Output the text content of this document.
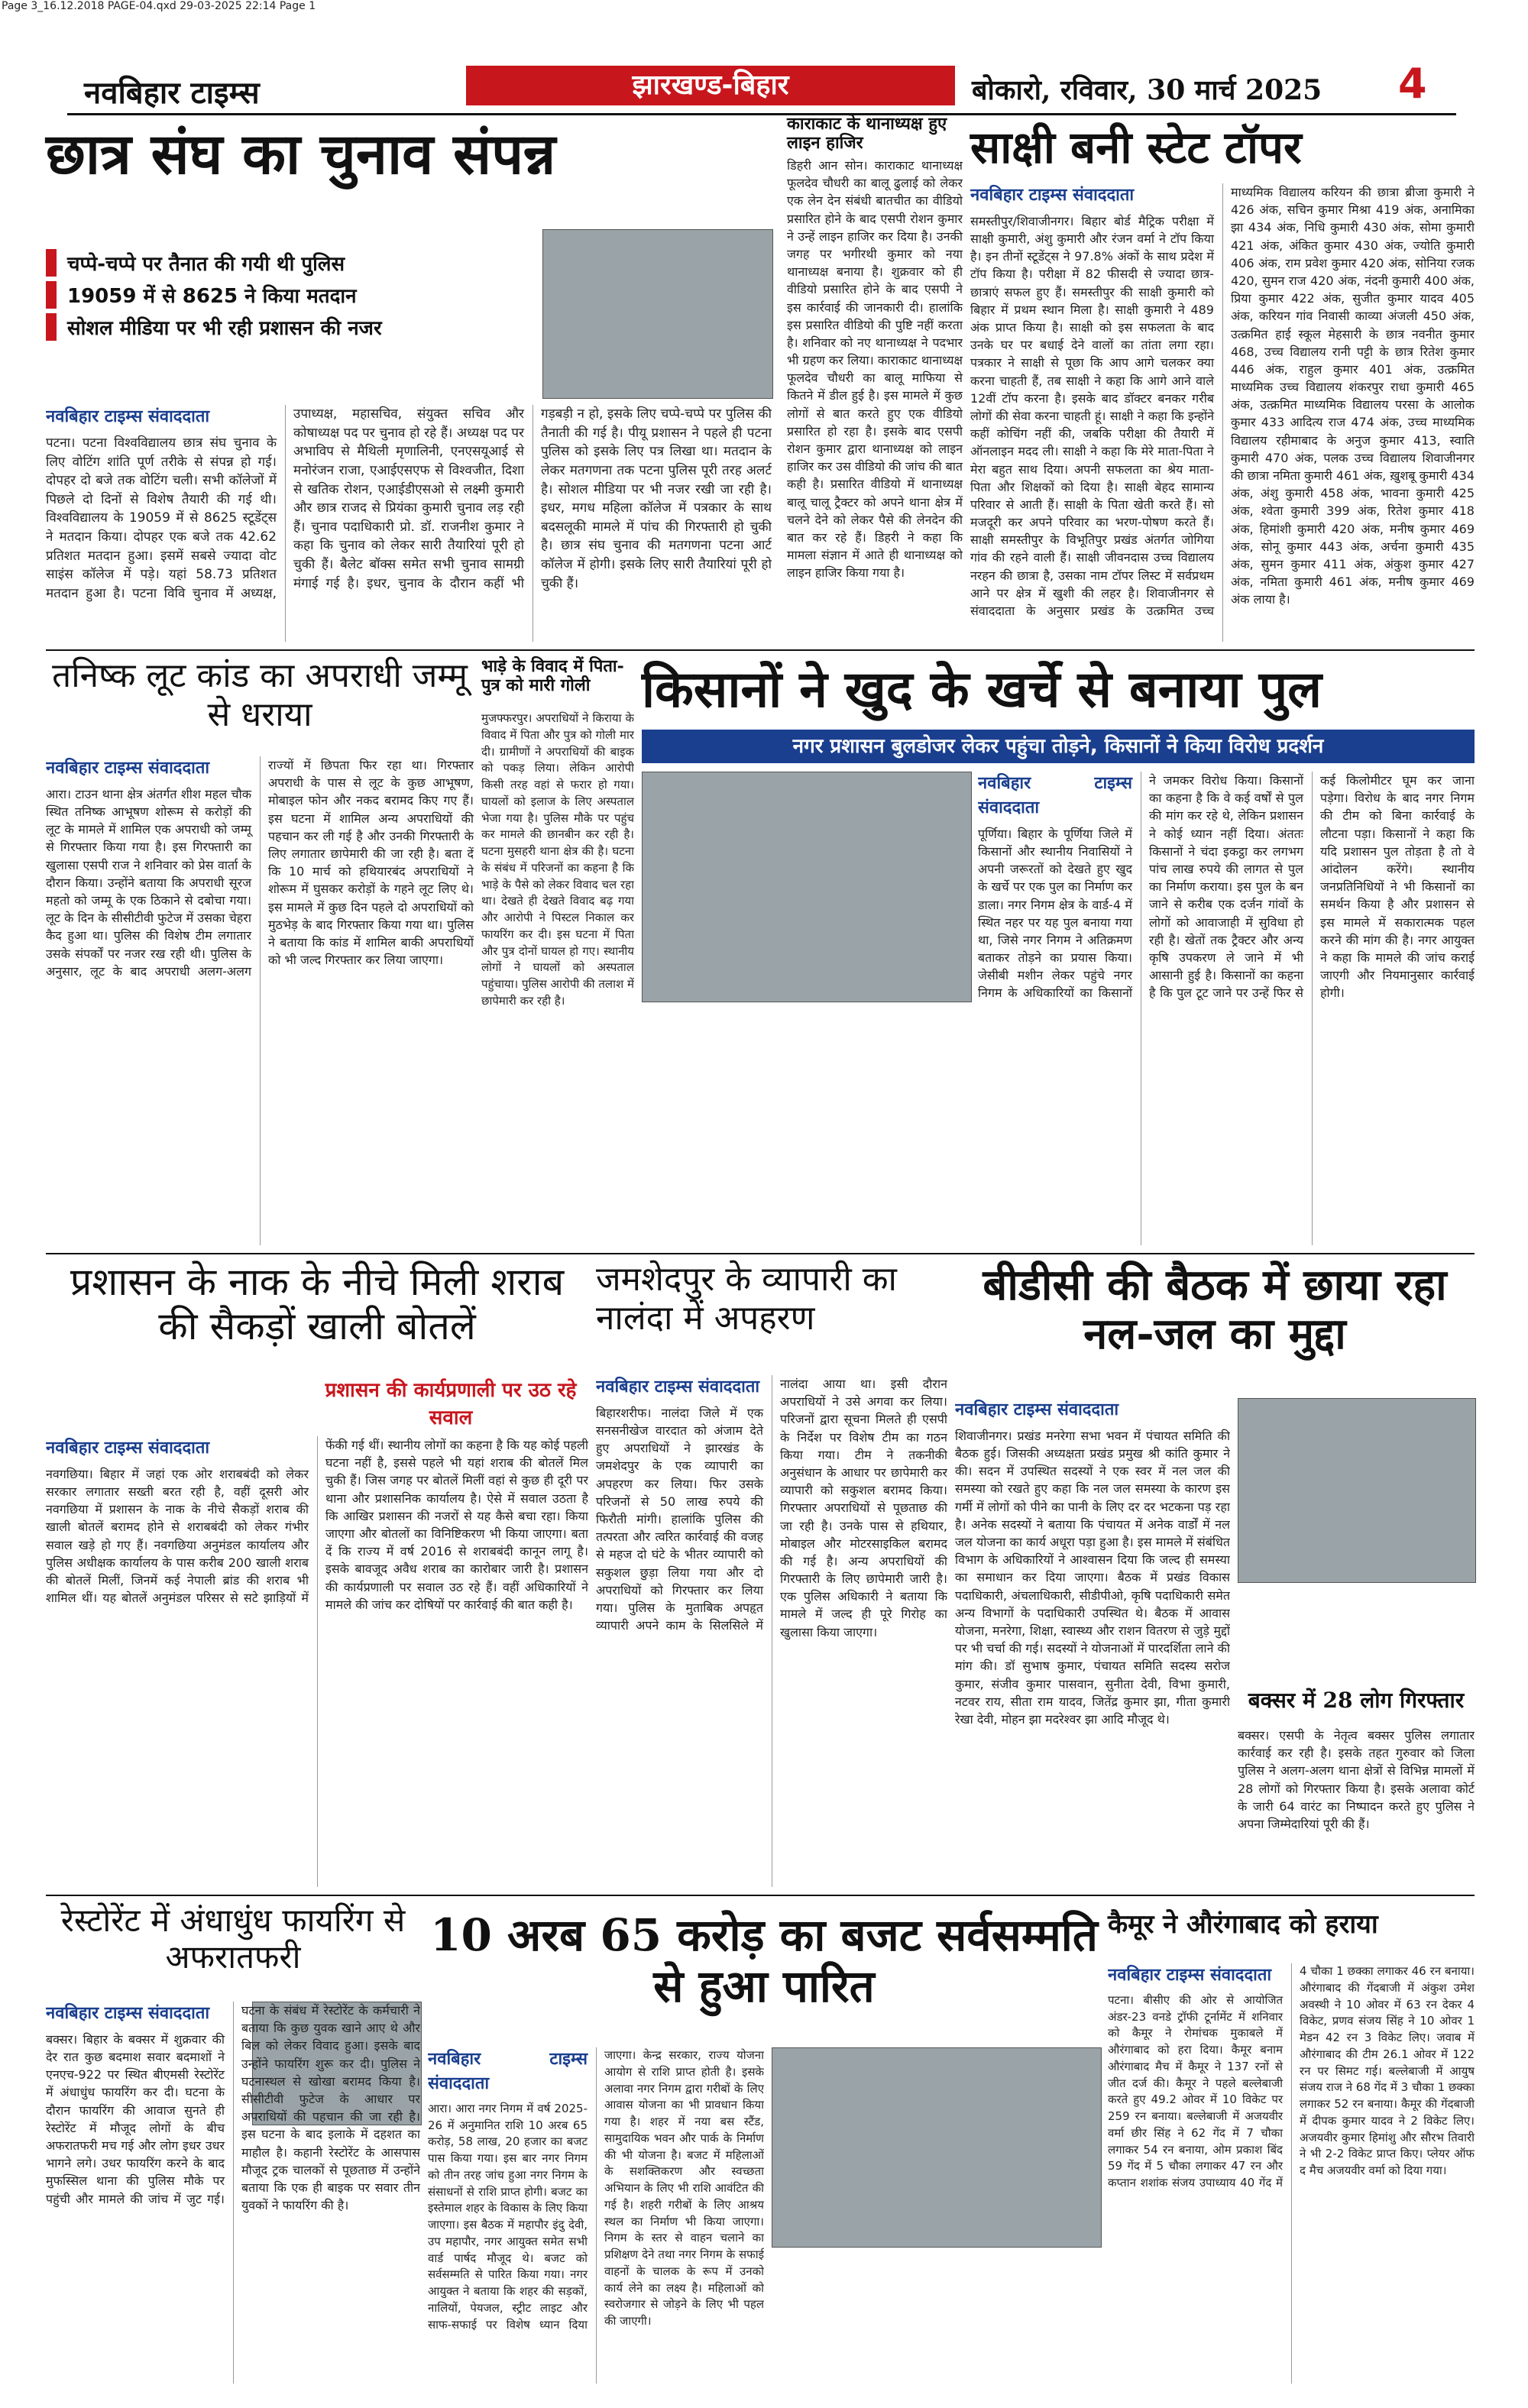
Page 3_16.12.2018 PAGE-04.qxd 29-03-2025 22:14 Page 1
नवबिहार टाइम्स	झारखण्ड-बिहार	बोकारो, रविवार, 30 मार्च 2025 4
छात्र संघ का चुनाव संपन्न
चप्पे-चप्पे पर तैनात की गयी थी पुलिस
19059 में से 8625 ने किया मतदान
सोशल मीडिया पर भी रही प्रशासन की नजर
नवबिहार टाइम्स संवाददाता
पटना। पटना विश्वविद्यालय छात्र संघ चुनाव के लिए वोटिंग शांति पूर्ण तरीके से संपन्न हो गई। दोपहर दो बजे तक वोटिंग चली। सभी कॉलेजों में पिछले दो दिनों से विशेष तैयारी की गई थी। विश्वविद्यालय के 19059 में से 8625 स्टूडेंट्स ने मतदान किया। दोपहर एक बजे तक 42.62 प्रतिशत मतदान हुआ। इसमें सबसे ज्यादा वोट साइंस कॉलेज में पड़े। यहां 58.73 प्रतिशत मतदान हुआ है। पटना विवि चुनाव में अध्यक्ष, उपाध्यक्ष, महासचिव, संयुक्त सचिव और कोषाध्यक्ष पद पर चुनाव हो रहे हैं। अध्यक्ष पद पर अभाविप से मैथिली मृणालिनी, एनएसयूआई से मनोरंजन राजा, एआईएसएफ से विश्वजीत, दिशा से खतिक रोशन, एआईडीएसओ से लक्ष्मी कुमारी और छात्र राजद से प्रियंका कुमारी चुनाव लड़ रही हैं। चुनाव पदाधिकारी प्रो. डॉ. राजनीश कुमार ने कहा कि चुनाव को लेकर सारी तैयारियां पूरी हो चुकी हैं। बैलेट बॉक्स समेत सभी चुनाव सामग्री मंगाई गई है। इधर, चुनाव के दौरान कहीं भी गड़बड़ी न हो, इसके लिए चप्पे-चप्पे पर पुलिस की तैनाती की गई है। पीयू प्रशासन ने पहले ही पटना पुलिस को इसके लिए पत्र लिखा था। मतदान के लेकर मतगणना तक पटना पुलिस पूरी तरह अलर्ट है। सोशल मीडिया पर भी नजर रखी जा रही है। इधर, मगध महिला कॉलेज में पत्रकार के साथ बदसलूकी मामले में पांच की गिरफ्तारी हो चुकी है। छात्र संघ चुनाव की मतगणना पटना आर्ट कॉलेज में होगी। इसके लिए सारी तैयारियां पूरी हो चुकी हैं।
काराकाट के थानाध्यक्ष हुए लाइन हाजिर
डिहरी आन सोन। काराकाट थानाध्यक्ष फूलदेव चौधरी का बालू ढुलाई को लेकर एक लेन देन संबंधी बातचीत का वीडियो प्रसारित होने के बाद एसपी रोशन कुमार ने उन्हें लाइन हाजिर कर दिया है। उनकी जगह पर भगीरथी कुमार को नया थानाध्यक्ष बनाया है। शुक्रवार को ही वीडियो प्रसारित होने के बाद एसपी ने इस कार्रवाई की जानकारी दी। हालांकि इस प्रसारित वीडियो की पुष्टि नहीं करता है। शनिवार को नए थानाध्यक्ष ने पदभार भी ग्रहण कर लिया। काराकाट थानाध्यक्ष फूलदेव चौधरी का बालू माफिया से कितने में डील हुई है। इस मामले में कुछ लोगों से बात करते हुए एक वीडियो प्रसारित हो रहा है। इसके बाद एसपी रोशन कुमार द्वारा थानाध्यक्ष को लाइन हाजिर कर उस वीडियो की जांच की बात कही है। प्रसारित वीडियो में थानाध्यक्ष बालू चालू ट्रैक्टर को अपने थाना क्षेत्र में चलने देने को लेकर पैसे की लेनदेन की बात कर रहे हैं। डिहरी ने कहा कि मामला संज्ञान में आते ही थानाध्यक्ष को लाइन हाजिर किया गया है।
साक्षी बनी स्टेट टॉपर
नवबिहार टाइम्स संवाददाता
समस्तीपुर/शिवाजीनगर। बिहार बोर्ड मैट्रिक परीक्षा में साक्षी कुमारी, अंशु कुमारी और रंजन वर्मा ने टॉप किया है। इन तीनों स्टूडेंट्स ने 97.8% अंकों के साथ प्रदेश में टॉप किया है। परीक्षा में 82 फीसदी से ज्यादा छात्र-छात्राएं सफल हुए हैं। समस्तीपुर की साक्षी कुमारी को बिहार में प्रथम स्थान मिला है। साक्षी कुमारी ने 489 अंक प्राप्त किया है। साक्षी को इस सफलता के बाद उनके घर पर बधाई देने वालों का तांता लगा रहा। पत्रकार ने साक्षी से पूछा कि आप आगे चलकर क्या करना चाहती हैं, तब साक्षी ने कहा कि आगे आने वाले 12वीं टॉप करना है। इसके बाद डॉक्टर बनकर गरीब लोगों की सेवा करना चाहती हूं। साक्षी ने कहा कि इन्होंने कहीं कोचिंग नहीं की, जबकि परीक्षा की तैयारी में ऑनलाइन मदद ली। साक्षी ने कहा कि मेरे माता-पिता ने मेरा बहुत साथ दिया। अपनी सफलता का श्रेय माता-पिता और शिक्षकों को दिया है। साक्षी बेहद सामान्य परिवार से आती हैं। साक्षी के पिता खेती करते हैं। सो मजदूरी कर अपने परिवार का भरण-पोषण करते हैं। साक्षी समस्तीपुर के विभूतिपुर प्रखंड अंतर्गत जोगिया गांव की रहने वाली हैं। साक्षी जीवनदास उच्च विद्यालय नरहन की छात्रा है, उसका नाम टॉपर लिस्ट में सर्वप्रथम आने पर क्षेत्र में खुशी की लहर है। शिवाजीनगर से संवाददाता के अनुसार प्रखंड के उत्क्रमित उच्च माध्यमिक विद्यालय करियन की छात्रा ब्रीजा कुमारी ने 426 अंक, सचिन कुमार मिश्रा 419 अंक, अनामिका झा 434 अंक, निधि कुमारी 430 अंक, सोमा कुमारी 421 अंक, अंकित कुमार 430 अंक, ज्योति कुमारी 406 अंक, राम प्रवेश कुमार 420 अंक, सोनिया रजक 420, सुमन राज 420 अंक, नंदनी कुमारी 400 अंक, प्रिया कुमार 422 अंक, सुजीत कुमार यादव 405 अंक, करियन गांव निवासी काव्या अंजली 450 अंक, उत्क्रमित हाई स्कूल मेहसारी के छात्र नवनीत कुमार 468, उच्च विद्यालय रानी पट्टी के छात्र रितेश कुमार 446 अंक, राहुल कुमार 401 अंक, उत्क्रमित माध्यमिक उच्च विद्यालय शंकरपुर राधा कुमारी 465 अंक, उत्क्रमित माध्यमिक विद्यालय परसा के आलोक कुमार 433 आदित्य राज 474 अंक, उच्च माध्यमिक विद्यालय रहीमाबाद के अनुज कुमार 413, स्वाति कुमारी 470 अंक, पलक उच्च विद्यालय शिवाजीनगर की छात्रा नमिता कुमारी 461 अंक, ख़ुशबू कुमारी 434 अंक, अंशु कुमारी 458 अंक, भावना कुमारी 425 अंक, श्वेता कुमारी 399 अंक, रितेश कुमार 418 अंक, हिमांशी कुमारी 420 अंक, मनीष कुमार 469 अंक, सोनू कुमार 443 अंक, अर्चना कुमारी 435 अंक, सुमन कुमार 411 अंक, अंकुश कुमार 427 अंक, नमिता कुमारी 461 अंक, मनीष कुमार 469 अंक लाया है।
तनिष्क लूट कांड का अपराधी जम्मू से धराया
नवबिहार टाइम्स संवाददाता
आरा। टाउन थाना क्षेत्र अंतर्गत शीश महल चौक स्थित तनिष्क आभूषण शोरूम से करोड़ों की लूट के मामले में शामिल एक अपराधी को जम्मू से गिरफ्तार किया गया है। इस गिरफ्तारी का खुलासा एसपी राज ने शनिवार को प्रेस वार्ता के दौरान किया। उन्होंने बताया कि अपराधी सूरज महतो को जम्मू के एक ठिकाने से दबोचा गया। लूट के दिन के सीसीटीवी फुटेज में उसका चेहरा कैद हुआ था। पुलिस की विशेष टीम लगातार उसके संपर्कों पर नजर रख रही थी। पुलिस के अनुसार, लूट के बाद अपराधी अलग-अलग राज्यों में छिपता फिर रहा था। गिरफ्तार अपराधी के पास से लूट के कुछ आभूषण, मोबाइल फोन और नकद बरामद किए गए हैं। इस घटना में शामिल अन्य अपराधियों की पहचान कर ली गई है और उनकी गिरफ्तारी के लिए लगातार छापेमारी की जा रही है। बता दें कि 10 मार्च को हथियारबंद अपराधियों ने शोरूम में घुसकर करोड़ों के गहने लूट लिए थे। इस मामले में कुछ दिन पहले दो अपराधियों को मुठभेड़ के बाद गिरफ्तार किया गया था। पुलिस ने बताया कि कांड में शामिल बाकी अपराधियों को भी जल्द गिरफ्तार कर लिया जाएगा।
भाड़े के विवाद में पिता-पुत्र को मारी गोली
मुजफ्फरपुर। अपराधियों ने किराया के विवाद में पिता और पुत्र को गोली मार दी। ग्रामीणों ने अपराधियों की बाइक को पकड़ लिया। लेकिन आरोपी किसी तरह वहां से फरार हो गया। घायलों को इलाज के लिए अस्पताल भेजा गया है। पुलिस मौके पर पहुंच कर मामले की छानबीन कर रही है। घटना मुसहरी थाना क्षेत्र की है। घटना के संबंध में परिजनों का कहना है कि भाड़े के पैसे को लेकर विवाद चल रहा था। देखते ही देखते विवाद बढ़ गया और आरोपी ने पिस्टल निकाल कर फायरिंग कर दी। इस घटना में पिता और पुत्र दोनों घायल हो गए। स्थानीय लोगों ने घायलों को अस्पताल पहुंचाया। पुलिस आरोपी की तलाश में छापेमारी कर रही है।
किसानों ने खुद के खर्चे से बनाया पुल
नगर प्रशासन बुलडोजर लेकर पहुंचा तोड़ने, किसानों ने किया विरोध प्रदर्शन
नवबिहार टाइम्स संवाददाता
पूर्णिया। बिहार के पूर्णिया जिले में किसानों और स्थानीय निवासियों ने अपनी जरूरतों को देखते हुए खुद के खर्चे पर एक पुल का निर्माण कर डाला। नगर निगम क्षेत्र के वार्ड-4 में स्थित नहर पर यह पुल बनाया गया था, जिसे नगर निगम ने अतिक्रमण बताकर तोड़ने का प्रयास किया। जेसीबी मशीन लेकर पहुंचे नगर निगम के अधिकारियों का किसानों ने जमकर विरोध किया। किसानों का कहना है कि वे कई वर्षों से पुल की मांग कर रहे थे, लेकिन प्रशासन ने कोई ध्यान नहीं दिया। अंततः किसानों ने चंदा इकट्ठा कर लगभग पांच लाख रुपये की लागत से पुल का निर्माण कराया। इस पुल के बन जाने से करीब एक दर्जन गांवों के लोगों को आवाजाही में सुविधा हो रही है। खेतों तक ट्रैक्टर और अन्य कृषि उपकरण ले जाने में भी आसानी हुई है। किसानों का कहना है कि पुल टूट जाने पर उन्हें फिर से कई किलोमीटर घूम कर जाना पड़ेगा। विरोध के बाद नगर निगम की टीम को बिना कार्रवाई के लौटना पड़ा। किसानों ने कहा कि यदि प्रशासन पुल तोड़ता है तो वे आंदोलन करेंगे। स्थानीय जनप्रतिनिधियों ने भी किसानों का समर्थन किया है और प्रशासन से इस मामले में सकारात्मक पहल करने की मांग की है। नगर आयुक्त ने कहा कि मामले की जांच कराई जाएगी और नियमानुसार कार्रवाई होगी।
प्रशासन के नाक के नीचे मिली शराब की सैकड़ों खाली बोतलें
प्रशासन की कार्यप्रणाली पर उठ रहे सवाल
नवबिहार टाइम्स संवाददाता
नवगछिया। बिहार में जहां एक ओर शराबबंदी को लेकर सरकार लगातार सख्ती बरत रही है, वहीं दूसरी ओर नवगछिया में प्रशासन के नाक के नीचे सैकड़ों शराब की खाली बोतलें बरामद होने से शराबबंदी को लेकर गंभीर सवाल खड़े हो गए हैं। नवगछिया अनुमंडल कार्यालय और पुलिस अधीक्षक कार्यालय के पास करीब 200 खाली शराब की बोतलें मिलीं, जिनमें कई नेपाली ब्रांड की शराब भी शामिल थीं। यह बोतलें अनुमंडल परिसर से सटे झाड़ियों में फेंकी गई थीं। स्थानीय लोगों का कहना है कि यह कोई पहली घटना नहीं है, इससे पहले भी यहां शराब की बोतलें मिल चुकी हैं। जिस जगह पर बोतलें मिलीं वहां से कुछ ही दूरी पर थाना और प्रशासनिक कार्यालय है। ऐसे में सवाल उठता है कि आखिर प्रशासन की नजरों से यह कैसे बचा रहा। किया जाएगा और बोतलों का विनिष्टिकरण भी किया जाएगा। बता दें कि राज्य में वर्ष 2016 से शराबबंदी कानून लागू है। इसके बावजूद अवैध शराब का कारोबार जारी है। प्रशासन की कार्यप्रणाली पर सवाल उठ रहे हैं। वहीं अधिकारियों ने मामले की जांच कर दोषियों पर कार्रवाई की बात कही है।
जमशेदपुर के व्यापारी का नालंदा में अपहरण
नवबिहार टाइम्स संवाददाता
बिहारशरीफ। नालंदा जिले में एक सनसनीखेज वारदात को अंजाम देते हुए अपराधियों ने झारखंड के जमशेदपुर के एक व्यापारी का अपहरण कर लिया। फिर उसके परिजनों से 50 लाख रुपये की फिरौती मांगी। हालांकि पुलिस की तत्परता और त्वरित कार्रवाई की वजह से महज दो घंटे के भीतर व्यापारी को सकुशल छुड़ा लिया गया और दो अपराधियों को गिरफ्तार कर लिया गया। पुलिस के मुताबिक अपहृत व्यापारी अपने काम के सिलसिले में नालंदा आया था। इसी दौरान अपराधियों ने उसे अगवा कर लिया। परिजनों द्वारा सूचना मिलते ही एसपी के निर्देश पर विशेष टीम का गठन किया गया। टीम ने तकनीकी अनुसंधान के आधार पर छापेमारी कर व्यापारी को सकुशल बरामद किया। गिरफ्तार अपराधियों से पूछताछ की जा रही है। उनके पास से हथियार, मोबाइल और मोटरसाइकिल बरामद की गई है। अन्य अपराधियों की गिरफ्तारी के लिए छापेमारी जारी है। एक पुलिस अधिकारी ने बताया कि मामले में जल्द ही पूरे गिरोह का खुलासा किया जाएगा।
बीडीसी की बैठक में छाया रहा नल-जल का मुद्दा
नवबिहार टाइम्स संवाददाता
शिवाजीनगर। प्रखंड मनरेगा सभा भवन में पंचायत समिति की बैठक हुई। जिसकी अध्यक्षता प्रखंड प्रमुख श्री कांति कुमार ने की। सदन में उपस्थित सदस्यों ने एक स्वर में नल जल की समस्या को रखते हुए कहा कि नल जल समस्या के कारण इस गर्मी में लोगों को पीने का पानी के लिए दर दर भटकना पड़ रहा है। अनेक सदस्यों ने बताया कि पंचायत में अनेक वार्डों में नल जल योजना का कार्य अधूरा पड़ा हुआ है। इस मामले में संबंधित विभाग के अधिकारियों ने आश्वासन दिया कि जल्द ही समस्या का समाधान कर दिया जाएगा। बैठक में प्रखंड विकास पदाधिकारी, अंचलाधिकारी, सीडीपीओ, कृषि पदाधिकारी समेत अन्य विभागों के पदाधिकारी उपस्थित थे। बैठक में आवास योजना, मनरेगा, शिक्षा, स्वास्थ्य और राशन वितरण से जुड़े मुद्दों पर भी चर्चा की गई। सदस्यों ने योजनाओं में पारदर्शिता लाने की मांग की। डॉ सुभाष कुमार, पंचायत समिति सदस्य सरोज कुमार, संजीव कुमार पासवान, सुनीता देवी, विभा कुमारी, नटवर राय, सीता राम यादव, जितेंद्र कुमार झा, गीता कुमारी रेखा देवी, मोहन झा मदरेश्वर झा आदि मौजूद थे।
बक्सर में 28 लोग गिरफ्तार
बक्सर। एसपी के नेतृत्व बक्सर पुलिस लगातार कार्रवाई कर रही है। इसके तहत गुरुवार को जिला पुलिस ने अलग-अलग थाना क्षेत्रों से विभिन्न मामलों में 28 लोगों को गिरफ्तार किया है। इसके अलावा कोर्ट के जारी 64 वारंट का निष्पादन करते हुए पुलिस ने अपना जिम्मेदारियां पूरी की हैं।
रेस्टोरेंट में अंधाधुंध फायरिंग से अफरातफरी
नवबिहार टाइम्स संवाददाता
बक्सर। बिहार के बक्सर में शुक्रवार की देर रात कुछ बदमाश सवार बदमाशों ने एनएच-922 पर स्थित बीएमसी रेस्टोरेंट में अंधाधुंध फायरिंग कर दी। घटना के दौरान फायरिंग की आवाज सुनते ही रेस्टोरेंट में मौजूद लोगों के बीच अफरातफरी मच गई और लोग इधर उधर भागने लगे। उधर फायरिंग करने के बाद मुफस्सिल थाना की पुलिस मौके पर पहुंची और मामले की जांच में जुट गई। घटना के संबंध में रेस्टोरेंट के कर्मचारी ने बताया कि कुछ युवक खाने आए थे और बिल को लेकर विवाद हुआ। इसके बाद उन्होंने फायरिंग शुरू कर दी। पुलिस ने घटनास्थल से खोखा बरामद किया है। सीसीटीवी फुटेज के आधार पर अपराधियों की पहचान की जा रही है। इस घटना के बाद इलाके में दहशत का माहौल है। कहानी रेस्टोरेंट के आसपास मौजूद ट्रक चालकों से पूछताछ में उन्होंने बताया कि एक ही बाइक पर सवार तीन युवकों ने फायरिंग की है।
10 अरब 65 करोड़ का बजट सर्वसम्मति से हुआ पारित
नवबिहार टाइम्स संवाददाता
आरा। आरा नगर निगम में वर्ष 2025-26 में अनुमानित राशि 10 अरब 65 करोड़, 58 लाख, 20 हजार का बजट पास किया गया। इस बार नगर निगम को तीन तरह जांच हुआ नगर निगम के संसाधनों से राशि प्राप्त होगी। बजट का इस्तेमाल शहर के विकास के लिए किया जाएगा। इस बैठक में महापौर इंदु देवी, उप महापौर, नगर आयुक्त समेत सभी वार्ड पार्षद मौजूद थे। बजट को सर्वसम्मति से पारित किया गया। नगर आयुक्त ने बताया कि शहर की सड़कों, नालियों, पेयजल, स्ट्रीट लाइट और साफ-सफाई पर विशेष ध्यान दिया जाएगा। केन्द्र सरकार, राज्य योजना आयोग से राशि प्राप्त होती है। इसके अलावा नगर निगम द्वारा गरीबों के लिए आवास योजना का भी प्रावधान किया गया है। शहर में नया बस स्टैंड, सामुदायिक भवन और पार्क के निर्माण की भी योजना है। बजट में महिलाओं के सशक्तिकरण और स्वच्छता अभियान के लिए भी राशि आवंटित की गई है। शहरी गरीबों के लिए आश्रय स्थल का निर्माण भी किया जाएगा। निगम के स्तर से वाहन चलाने का प्रशिक्षण देने तथा नगर निगम के सफाई वाहनों के चालक के रूप में उनको कार्य लेने का लक्ष्य है। महिलाओं को स्वरोजगार से जोड़ने के लिए भी पहल की जाएगी।
कैमूर ने औरंगाबाद को हराया
नवबिहार टाइम्स संवाददाता
पटना। बीसीए की ओर से आयोजित अंडर-23 वनडे ट्रॉफी टूर्नामेंट में शनिवार को कैमूर ने रोमांचक मुकाबले में औरंगाबाद को हरा दिया। कैमूर बनाम औरंगाबाद मैच में कैमूर ने 137 रनों से जीत दर्ज की। कैमूर ने पहले बल्लेबाजी करते हुए 49.2 ओवर में 10 विकेट पर 259 रन बनाया। बल्लेबाजी में अजयवीर वर्मा छीर सिंह ने 62 गेंद में 7 चौका लगाकर 54 रन बनाया, ओम प्रकाश बिंद 59 गेंद में 5 चौका लगाकर 47 रन और कप्तान शशांक संजय उपाध्याय 40 गेंद में 4 चौका 1 छक्का लगाकर 46 रन बनाया। औरंगाबाद की गेंदबाजी में अंकुश उमेश अवस्थी ने 10 ओवर में 63 रन देकर 4 विकेट, प्रणव संजय सिंह ने 10 ओवर 1 मेडन 42 रन 3 विकेट लिए। जवाब में औरंगाबाद की टीम 26.1 ओवर में 122 रन पर सिमट गई। बल्लेबाजी में आयुष संजय राज ने 68 गेंद में 3 चौका 1 छक्का लगाकर 52 रन बनाया। कैमूर की गेंदबाजी में दीपक कुमार यादव ने 2 विकेट लिए। अजयवीर कुमार हिमांशु और सौरभ तिवारी ने भी 2-2 विकेट प्राप्त किए। प्लेयर ऑफ द मैच अजयवीर वर्मा को दिया गया।
